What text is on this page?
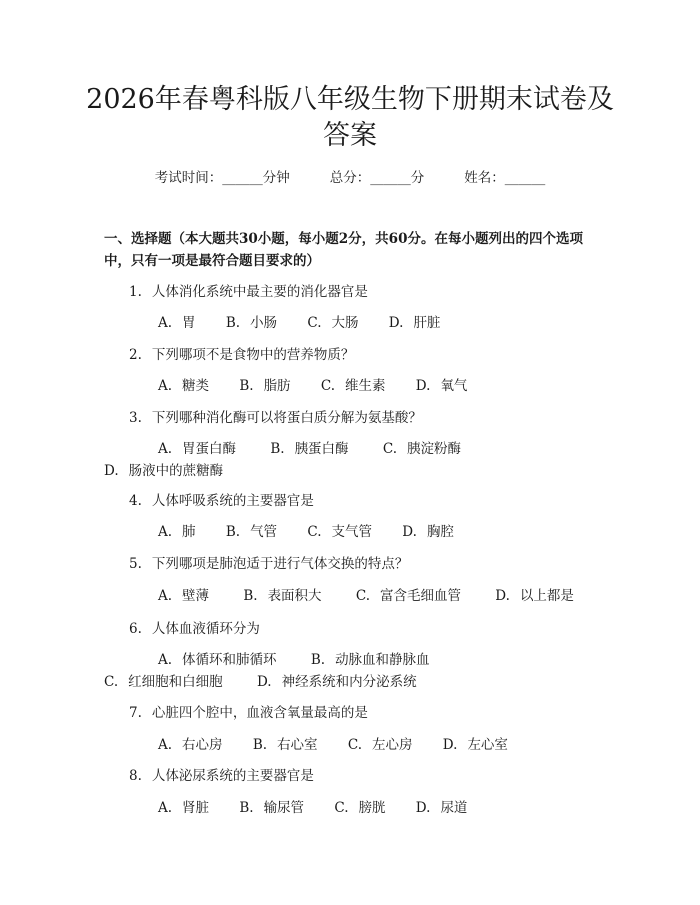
2026年春粤科版八年级生物下册期末试卷及答案
考试时间：______分钟	总分：______分	姓名：______

一、选择题（本大题共30小题，每小题2分，共60分。在每小题列出的四个选项中，只有一项是最符合题目要求的）

1. 人体消化系统中最主要的消化器官是
A. 胃 B. 小肠 C. 大肠 D. 肝脏
2. 下列哪项不是食物中的营养物质？
A. 糖类 B. 脂肪 C. 维生素 D. 氧气
3. 下列哪种消化酶可以将蛋白质分解为氨基酸？
A. 胃蛋白酶	B. 胰蛋白酶	C. 胰淀粉酶 D. 肠液中的蔗糖酶
4. 人体呼吸系统的主要器官是
A. 肺 B. 气管 C. 支气管 D. 胸腔
5. 下列哪项是肺泡适于进行气体交换的特点？
A. 壁薄	B. 表面积大	C. 富含毛细血管	D. 以上都是
6. 人体血液循环分为
A. 体循环和肺循环	B. 动脉血和静脉血 C. 红细胞和白细胞	D. 神经系统和内分泌系统
7. 心脏四个腔中，血液含氧量最高的是
A. 右心房 B. 右心室 C. 左心房 D. 左心室
8. 人体泌尿系统的主要器官是
A. 肾脏 B. 输尿管 C. 膀胱 D. 尿道
